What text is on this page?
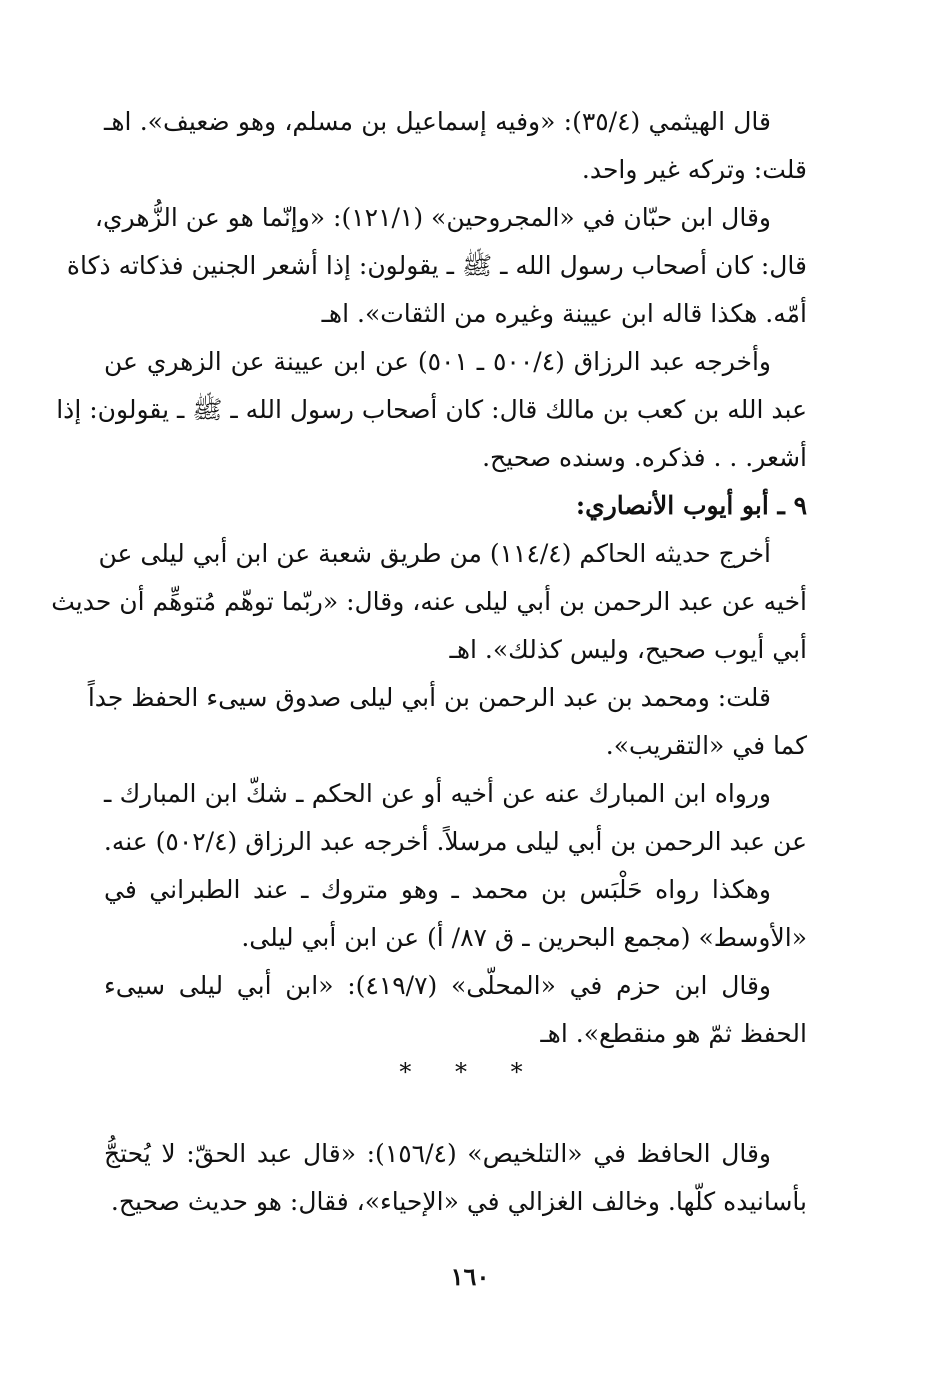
قال الهيثمي (٣٥/٤): «وفيه إسماعيل بن مسلم، وهو ضعيف». اهـ
قلت: وتركه غير واحد.
وقال ابن حبّان في «المجروحين» (١٢١/١): «وإنّما هو عن الزُّهري،
قال: كان أصحاب رسول الله ـ ﷺ ـ يقولون: إذا أشعر الجنين فذكاته ذكاة
أمّه. هكذا قاله ابن عيينة وغيره من الثقات». اهـ
وأخرجه عبد الرزاق (٥٠٠/٤ ـ ٥٠١) عن ابن عيينة عن الزهري عن
عبد الله بن كعب بن مالك قال: كان أصحاب رسول الله ـ ﷺ ـ يقولون: إذا
أشعر. . . فذكره. وسنده صحيح.
٩ ـ أبو أيوب الأنصاري:
أخرج حديثه الحاكم (١١٤/٤) من طريق شعبة عن ابن أبي ليلى عن
أخيه عن عبد الرحمن بن أبي ليلى عنه، وقال: «ربّما توهّم مُتوهِّم أن حديث
أبي أيوب صحيح، وليس كذلك». اهـ
قلت: ومحمد بن عبد الرحمن بن أبي ليلى صدوق سيىء الحفظ جداً
كما في «التقريب».
ورواه ابن المبارك عنه عن أخيه أو عن الحكم ـ شكّ ابن المبارك ـ
عن عبد الرحمن بن أبي ليلى مرسلاً. أخرجه عبد الرزاق (٥٠٢/٤) عنه.
وهكذا رواه حَلْبَس بن محمد ـ وهو متروك ـ عند الطبراني في
«الأوسط» (مجمع البحرين ـ ق ٨٧/ أ) عن ابن أبي ليلى.
وقال ابن حزم في «المحلّى» (٤١٩/٧): «ابن أبي ليلى سيىء
الحفظ ثمّ هو منقطع». اهـ
* * *
وقال الحافظ في «التلخيص» (١٥٦/٤): «قال عبد الحقّ: لا يُحتجُّ
بأسانيده كلّها. وخالف الغزالي في «الإحياء»، فقال: هو حديث صحيح.
١٦٠
